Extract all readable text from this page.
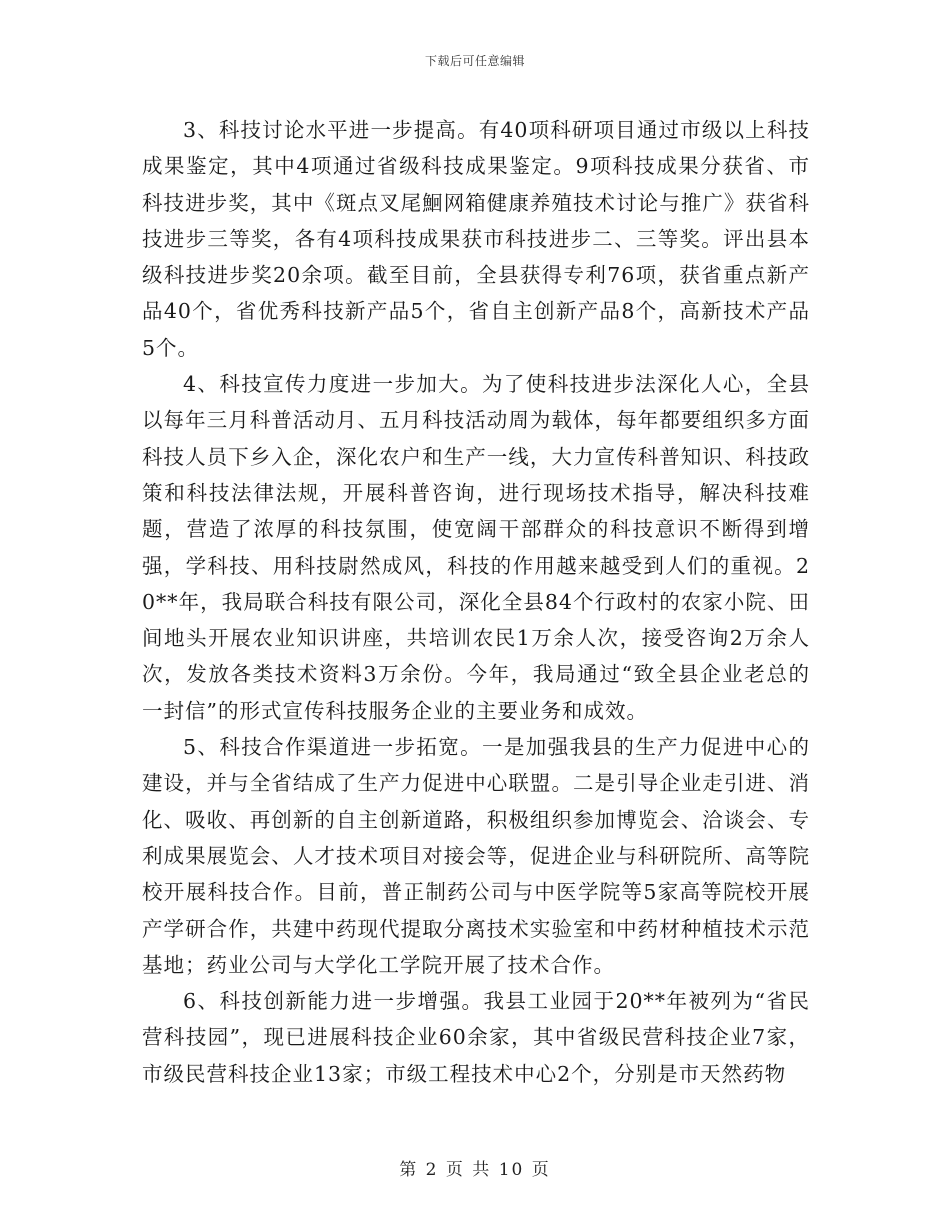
下载后可任意编辑

3、科技讨论水平进一步提高。有40项科研项目通过市级以上科技成果鉴定，其中4项通过省级科技成果鉴定。9项科技成果分获省、市科技进步奖，其中《斑点叉尾鮰网箱健康养殖技术讨论与推广》获省科技进步三等奖，各有4项科技成果获市科技进步二、三等奖。评出县本级科技进步奖20余项。截至目前，全县获得专利76项，获省重点新产品40个，省优秀科技新产品5个，省自主创新产品8个，高新技术产品5个。

4、科技宣传力度进一步加大。为了使科技进步法深化人心，全县以每年三月科普活动月、五月科技活动周为载体，每年都要组织多方面科技人员下乡入企，深化农户和生产一线，大力宣传科普知识、科技政策和科技法律法规，开展科普咨询，进行现场技术指导，解决科技难题，营造了浓厚的科技氛围，使宽阔干部群众的科技意识不断得到增强，学科技、用科技尉然成风，科技的作用越来越受到人们的重视。20**年，我局联合科技有限公司，深化全县84个行政村的农家小院、田间地头开展农业知识讲座，共培训农民1万余人次，接受咨询2万余人次，发放各类技术资料3万余份。今年，我局通过“致全县企业老总的一封信”的形式宣传科技服务企业的主要业务和成效。

5、科技合作渠道进一步拓宽。一是加强我县的生产力促进中心的建设，并与全省结成了生产力促进中心联盟。二是引导企业走引进、消化、吸收、再创新的自主创新道路，积极组织参加博览会、洽谈会、专利成果展览会、人才技术项目对接会等，促进企业与科研院所、高等院校开展科技合作。目前，普正制药公司与中医学院等5家高等院校开展产学研合作，共建中药现代提取分离技术实验室和中药材种植技术示范基地；药业公司与大学化工学院开展了技术合作。

6、科技创新能力进一步增强。我县工业园于20**年被列为“省民营科技园”，现已进展科技企业60余家，其中省级民营科技企业7家，市级民营科技企业13家；市级工程技术中心2个，分别是市天然药物

第 2 页 共 10 页
